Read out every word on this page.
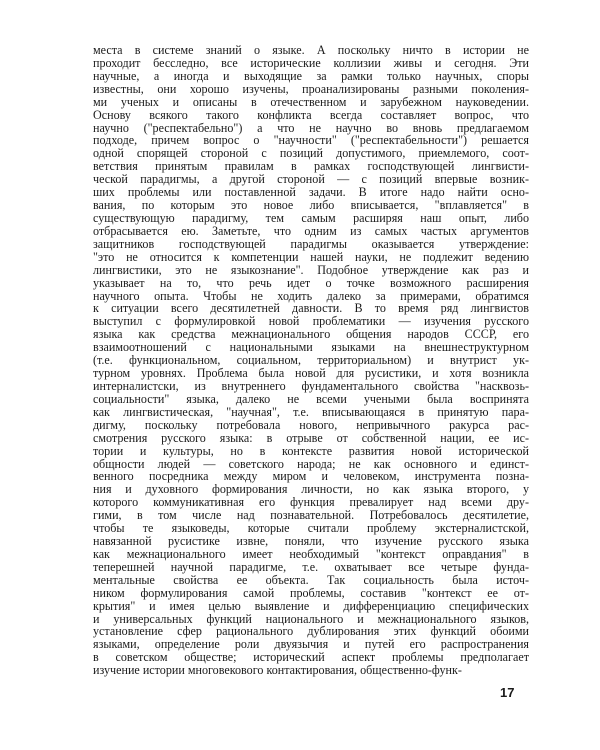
места в системе знаний о языке. А поскольку ничто в истории не
проходит бесследно, все исторические коллизии живы и сегодня. Эти
научные, а иногда и выходящие за рамки только научных, споры
известны, они хорошо изучены, проанализированы разными поколения-
ми ученых и описаны в отечественном и зарубежном науковедении.
Основу всякого такого конфликта всегда составляет вопрос, что
научно ("респектабельно") а что не научно во вновь предлагаемом
подходе, причем вопрос о "научности" ("респектабельности") решается
одной спорящей стороной с позиций допустимого, приемлемого, соот-
ветствия принятым правилам в рамках господствующей лингвисти-
ческой парадигмы, а другой стороной — с позиций впервые возник-
ших проблемы или поставленной задачи. В итоге надо найти осно-
вания, по которым это новое либо вписывается, "вплавляется" в
существующую парадигму, тем самым расширяя наш опыт, либо
отбрасывается ею. Заметьте, что одним из самых частых аргументов
защитников господствующей парадигмы оказывается утверждение:
"это не относится к компетенции нашей науки, не подлежит ведению
лингвистики, это не языкознание". Подобное утверждение как раз и
указывает на то, что речь идет о точке возможного расширения
научного опыта. Чтобы не ходить далеко за примерами, обратимся
к ситуации всего десятилетней давности. В то время ряд лингвистов
выступил с формулировкой новой проблематики — изучения русского
языка как средства межнационального общения народов СССР, его
взаимоотношений с национальными языками на внешнеструктурном
(т.е. функциональном, социальном, территориальном) и внутрист ук-
турном уровнях. Проблема была новой для русистики, и хотя возникла
интерналистски, из внутреннего фундаментального свойства "насквозь-
социальности" языка, далеко не всеми учеными была воспринята
как лингвистическая, "научная", т.е. вписывающаяся в принятую пара-
дигму, поскольку потребовала нового, непривычного ракурса рас-
смотрения русского языка: в отрыве от собственной нации, ее ис-
тории и культуры, но в контексте развития новой исторической
общности людей — советского народа; не как основного и единст-
венного посредника между миром и человеком, инструмента позна-
ния и духовного формирования личности, но как языка второго, у
которого коммуникативная его функция превалирует над всеми дру-
гими, в том числе над познавательной. Потребовалось десятилетие,
чтобы те языковеды, которые считали проблему экстерналистской,
навязанной русистике извне, поняли, что изучение русского языка
как межнационального имеет необходимый "контекст оправдания" в
теперешней научной парадигме, т.е. охватывает все четыре фунда-
ментальные свойства ее объекта. Так социальность была источ-
ником формулирования самой проблемы, составив "контекст ее от-
крытия" и имея целью выявление и дифференциацию специфических
и универсальных функций национального и межнационального языков,
установление сфер рационального дублирования этих функций обоими
языками, определение роли двуязычия и путей его распространения
в советском обществе; исторический аспект проблемы предполагает
изучение истории многовекового контактирования, общественно-функ-
17
